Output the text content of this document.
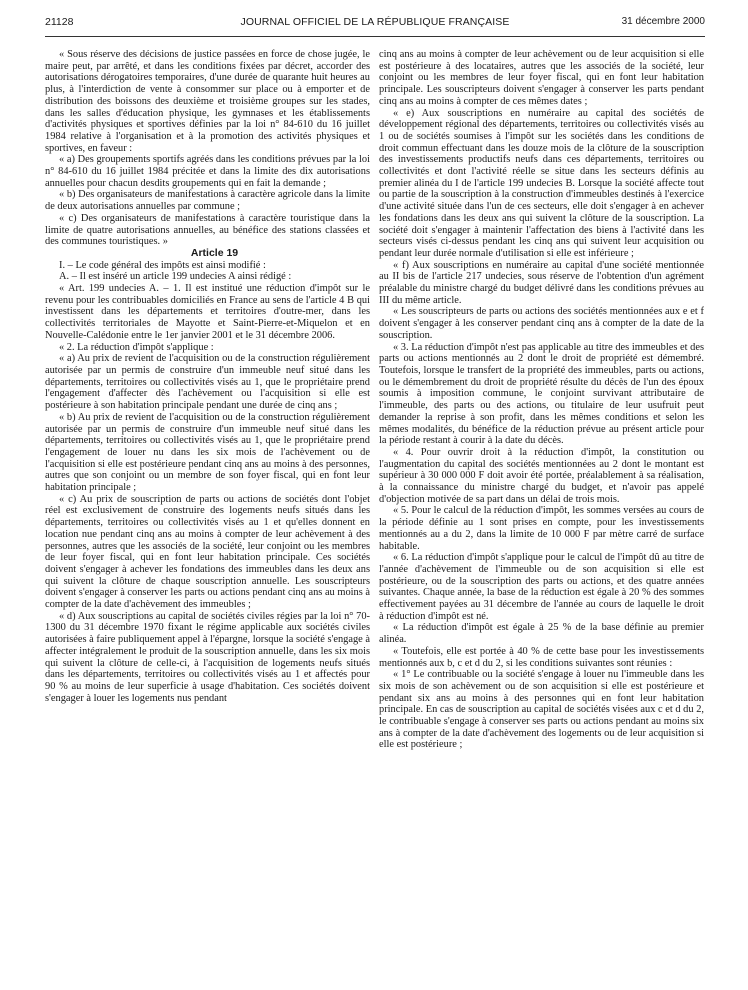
21128	JOURNAL OFFICIEL DE LA RÉPUBLIQUE FRANÇAISE	31 décembre 2000

« Sous réserve des décisions de justice passées en force de chose jugée, le maire peut, par arrêté, et dans les conditions fixées par décret, accorder des autorisations dérogatoires temporaires, d'une durée de quarante huit heures au plus, à l'interdiction de vente à consommer sur place ou à emporter et de distribution des boissons des deuxième et troisième groupes sur les stades, dans les salles d'éducation physique, les gymnases et les établissements d'activités physiques et sportives définies par la loi n° 84-610 du 16 juillet 1984 relative à l'organisation et à la promotion des activités physiques et sportives, en faveur :

« a) Des groupements sportifs agréés dans les conditions prévues par la loi n° 84-610 du 16 juillet 1984 précitée et dans la limite des dix autorisations annuelles pour chacun desdits groupements qui en fait la demande ;

« b) Des organisateurs de manifestations à caractère agricole dans la limite de deux autorisations annuelles par commune ;

« c) Des organisateurs de manifestations à caractère touristique dans la limite de quatre autorisations annuelles, au bénéfice des stations classées et des communes touristiques. »

Article 19

I. – Le code général des impôts est ainsi modifié :

A. – Il est inséré un article 199 undecies A ainsi rédigé :

« Art. 199 undecies A. – 1. Il est institué une réduction d'impôt sur le revenu pour les contribuables domiciliés en France au sens de l'article 4 B qui investissent dans les départements et territoires d'outre-mer, dans les collectivités territoriales de Mayotte et Saint-Pierre-et-Miquelon et en Nouvelle-Calédonie entre le 1er janvier 2001 et le 31 décembre 2006.

« 2. La réduction d'impôt s'applique :

« a) Au prix de revient de l'acquisition ou de la construction régulièrement autorisée par un permis de construire d'un immeuble neuf situé dans les départements, territoires ou collectivités visés au 1, que le propriétaire prend l'engagement d'affecter dès l'achèvement ou l'acquisition si elle est postérieure à son habitation principale pendant une durée de cinq ans ;

« b) Au prix de revient de l'acquisition ou de la construction régulièrement autorisée par un permis de construire d'un immeuble neuf situé dans les départements, territoires ou collectivités visés au 1, que le propriétaire prend l'engagement de louer nu dans les six mois de l'achèvement ou de l'acquisition si elle est postérieure pendant cinq ans au moins à des personnes, autres que son conjoint ou un membre de son foyer fiscal, qui en font leur habitation principale ;

« c) Au prix de souscription de parts ou actions de sociétés dont l'objet réel est exclusivement de construire des logements neufs situés dans les départements, territoires ou collectivités visés au 1 et qu'elles donnent en location nue pendant cinq ans au moins à compter de leur achèvement à des personnes, autres que les associés de la société, leur conjoint ou les membres de leur foyer fiscal, qui en font leur habitation principale. Ces sociétés doivent s'engager à achever les fondations des immeubles dans les deux ans qui suivent la clôture de chaque souscription annuelle. Les souscripteurs doivent s'engager à conserver les parts ou actions pendant cinq ans au moins à compter de la date d'achèvement des immeubles ;

« d) Aux souscriptions au capital de sociétés civiles régies par la loi n° 70-1300 du 31 décembre 1970 fixant le régime applicable aux sociétés civiles autorisées à faire publiquement appel à l'épargne, lorsque la société s'engage à affecter intégralement le produit de la souscription annuelle, dans les six mois qui suivent la clôture de celle-ci, à l'acquisition de logements neufs situés dans les départements, territoires ou collectivités visés au 1 et affectés pour 90 % au moins de leur superficie à usage d'habitation. Ces sociétés doivent s'engager à louer les logements nus pendant

cinq ans au moins à compter de leur achèvement ou de leur acquisition si elle est postérieure à des locataires, autres que les associés de la société, leur conjoint ou les membres de leur foyer fiscal, qui en font leur habitation principale. Les souscripteurs doivent s'engager à conserver les parts pendant cinq ans au moins à compter de ces mêmes dates ;

« e) Aux souscriptions en numéraire au capital des sociétés de développement régional des départements, territoires ou collectivités visés au 1 ou de sociétés soumises à l'impôt sur les sociétés dans les conditions de droit commun effectuant dans les douze mois de la clôture de la souscription des investissements productifs neufs dans ces départements, territoires ou collectivités et dont l'activité réelle se situe dans les secteurs définis au premier alinéa du I de l'article 199 undecies B. Lorsque la société affecte tout ou partie de la souscription à la construction d'immeubles destinés à l'exercice d'une activité située dans l'un de ces secteurs, elle doit s'engager à en achever les fondations dans les deux ans qui suivent la clôture de la souscription. La société doit s'engager à maintenir l'affectation des biens à l'activité dans les secteurs visés ci-dessus pendant les cinq ans qui suivent leur acquisition ou pendant leur durée normale d'utilisation si elle est inférieure ;

« f) Aux souscriptions en numéraire au capital d'une société mentionnée au II bis de l'article 217 undecies, sous réserve de l'obtention d'un agrément préalable du ministre chargé du budget délivré dans les conditions prévues au III du même article.

« Les souscripteurs de parts ou actions des sociétés mentionnées aux e et f doivent s'engager à les conserver pendant cinq ans à compter de la date de la souscription.

« 3. La réduction d'impôt n'est pas applicable au titre des immeubles et des parts ou actions mentionnés au 2 dont le droit de propriété est démembré. Toutefois, lorsque le transfert de la propriété des immeubles, parts ou actions, ou le démembrement du droit de propriété résulte du décès de l'un des époux soumis à imposition commune, le conjoint survivant attributaire de l'immeuble, des parts ou des actions, ou titulaire de leur usufruit peut demander la reprise à son profit, dans les mêmes conditions et selon les mêmes modalités, du bénéfice de la réduction prévue au présent article pour la période restant à courir à la date du décès.

« 4. Pour ouvrir droit à la réduction d'impôt, la constitution ou l'augmentation du capital des sociétés mentionnées au 2 dont le montant est supérieur à 30 000 000 F doit avoir été portée, préalablement à sa réalisation, à la connaissance du ministre chargé du budget, et n'avoir pas appelé d'objection motivée de sa part dans un délai de trois mois.

« 5. Pour le calcul de la réduction d'impôt, les sommes versées au cours de la période définie au 1 sont prises en compte, pour les investissements mentionnés au a du 2, dans la limite de 10 000 F par mètre carré de surface habitable.

« 6. La réduction d'impôt s'applique pour le calcul de l'impôt dû au titre de l'année d'achèvement de l'immeuble ou de son acquisition si elle est postérieure, ou de la souscription des parts ou actions, et des quatre années suivantes. Chaque année, la base de la réduction est égale à 20 % des sommes effectivement payées au 31 décembre de l'année au cours de laquelle le droit à réduction d'impôt est né.

« La réduction d'impôt est égale à 25 % de la base définie au premier alinéa.

« Toutefois, elle est portée à 40 % de cette base pour les investissements mentionnés aux b, c et d du 2, si les conditions suivantes sont réunies :

« 1° Le contribuable ou la société s'engage à louer nu l'immeuble dans les six mois de son achèvement ou de son acquisition si elle est postérieure et pendant six ans au moins à des personnes qui en font leur habitation principale. En cas de souscription au capital de sociétés visées aux c et d du 2, le contribuable s'engage à conserver ses parts ou actions pendant au moins six ans à compter de la date d'achèvement des logements ou de leur acquisition si elle est postérieure ;
